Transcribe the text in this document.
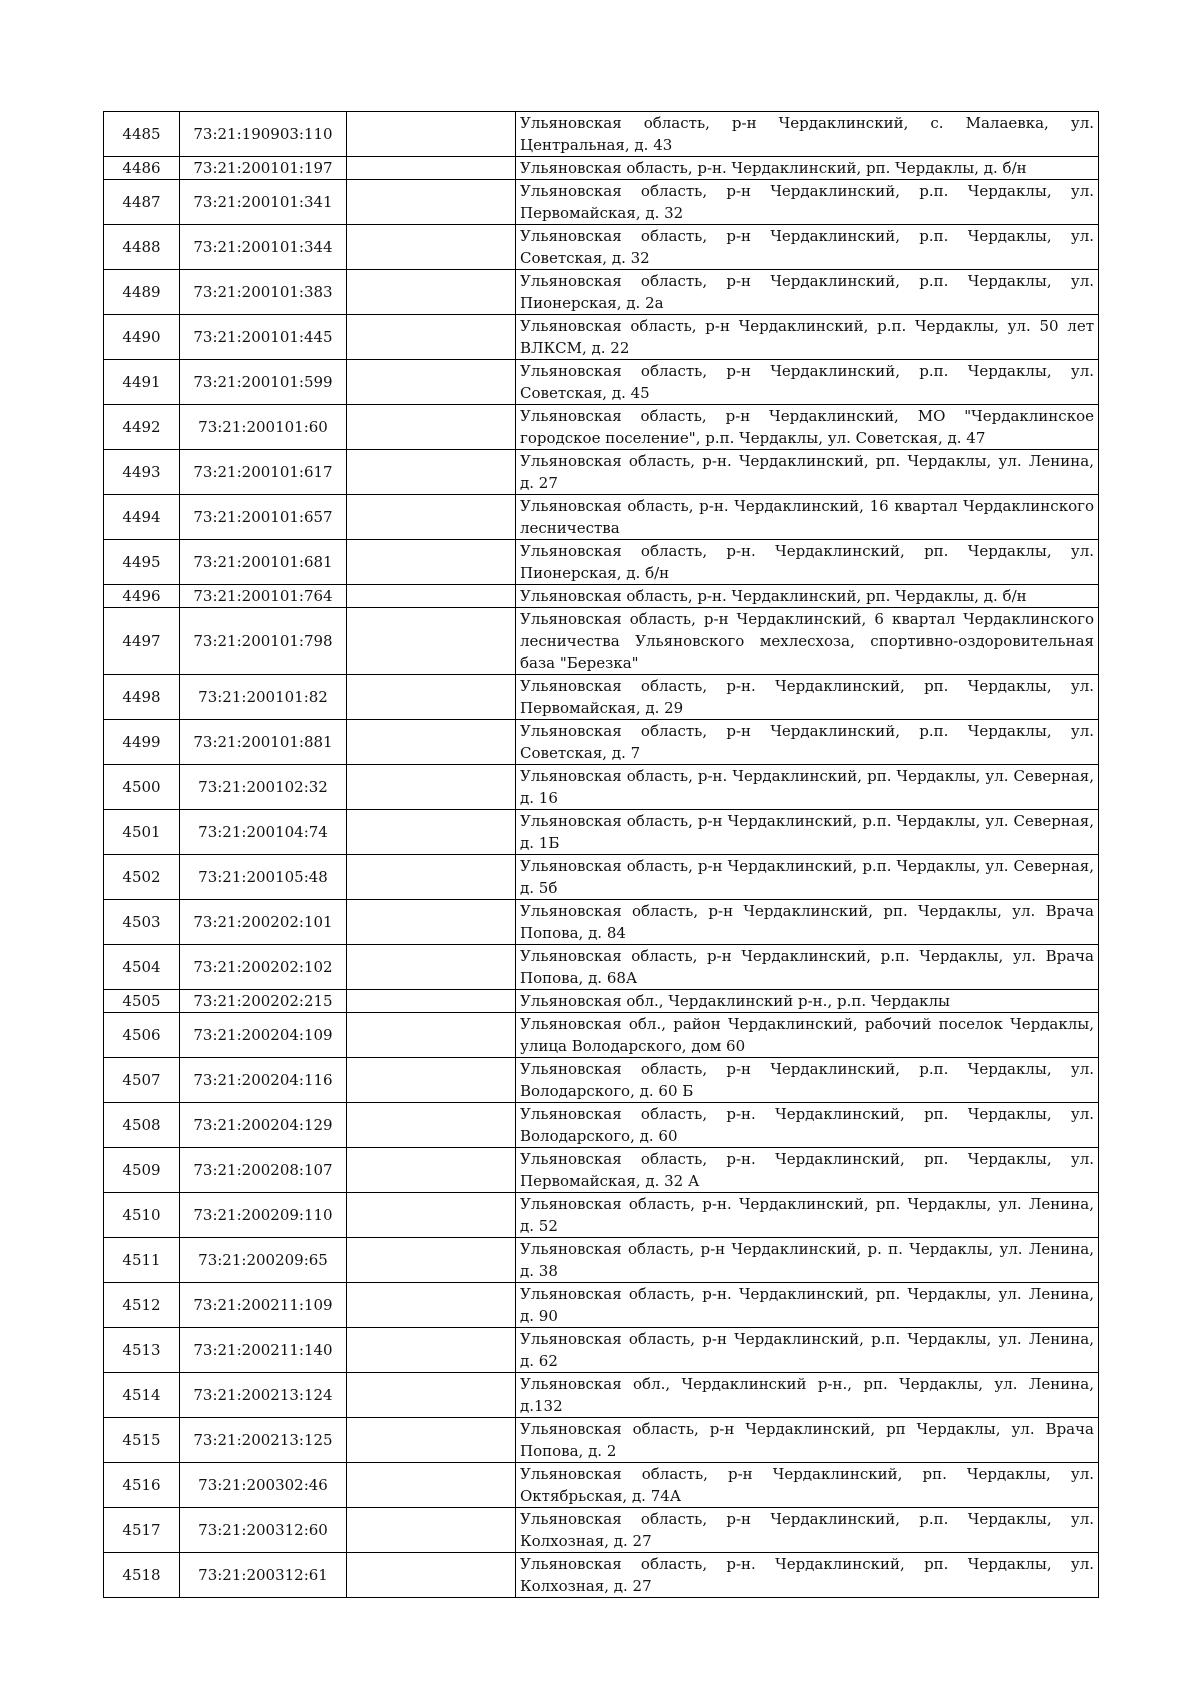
4485	73:21:190903:110		Ульяновская область, р-н Чердаклинский, с. Малаевка, ул. Центральная, д. 43
4486	73:21:200101:197		Ульяновская область, р-н. Чердаклинский, рп. Чердаклы, д. б/н
4487	73:21:200101:341		Ульяновская область, р-н Чердаклинский, р.п. Чердаклы, ул. Первомайская, д. 32
4488	73:21:200101:344		Ульяновская область, р-н Чердаклинский, р.п. Чердаклы, ул. Советская, д. 32
4489	73:21:200101:383		Ульяновская область, р-н Чердаклинский, р.п. Чердаклы, ул. Пионерская, д. 2а
4490	73:21:200101:445		Ульяновская область, р-н Чердаклинский, р.п. Чердаклы, ул. 50 лет ВЛКСМ, д. 22
4491	73:21:200101:599		Ульяновская область, р-н Чердаклинский, р.п. Чердаклы, ул. Советская, д. 45
4492	73:21:200101:60		Ульяновская область, р-н Чердаклинский, МО "Чердаклинское городское поселение", р.п. Чердаклы, ул. Советская, д. 47
4493	73:21:200101:617		Ульяновская область, р-н. Чердаклинский, рп. Чердаклы, ул. Ленина, д. 27
4494	73:21:200101:657		Ульяновская область, р-н. Чердаклинский, 16 квартал Чердаклинского лесничества
4495	73:21:200101:681		Ульяновская область, р-н. Чердаклинский, рп. Чердаклы, ул. Пионерская, д. б/н
4496	73:21:200101:764		Ульяновская область, р-н. Чердаклинский, рп. Чердаклы, д. б/н
4497	73:21:200101:798		Ульяновская область, р-н Чердаклинский, 6 квартал Чердаклинского лесничества Ульяновского мехлесхоза, спортивно-оздоровительная база "Березка"
4498	73:21:200101:82		Ульяновская область, р-н. Чердаклинский, рп. Чердаклы, ул. Первомайская, д. 29
4499	73:21:200101:881		Ульяновская область, р-н Чердаклинский, р.п. Чердаклы, ул. Советская, д. 7
4500	73:21:200102:32		Ульяновская область, р-н. Чердаклинский, рп. Чердаклы, ул. Северная, д. 16
4501	73:21:200104:74		Ульяновская область, р-н Чердаклинский, р.п. Чердаклы, ул. Северная, д. 1Б
4502	73:21:200105:48		Ульяновская область, р-н Чердаклинский, р.п. Чердаклы, ул. Северная, д. 5б
4503	73:21:200202:101		Ульяновская область, р-н Чердаклинский, рп. Чердаклы, ул. Врача Попова, д. 84
4504	73:21:200202:102		Ульяновская область, р-н Чердаклинский, р.п. Чердаклы, ул. Врача Попова, д. 68А
4505	73:21:200202:215		Ульяновская обл., Чердаклинский р-н., р.п. Чердаклы
4506	73:21:200204:109		Ульяновская обл., район Чердаклинский, рабочий поселок Чердаклы, улица Володарского, дом 60
4507	73:21:200204:116		Ульяновская область, р-н Чердаклинский, р.п. Чердаклы, ул. Володарского, д. 60 Б
4508	73:21:200204:129		Ульяновская область, р-н. Чердаклинский, рп. Чердаклы, ул. Володарского, д. 60
4509	73:21:200208:107		Ульяновская область, р-н. Чердаклинский, рп. Чердаклы, ул. Первомайская, д. 32 А
4510	73:21:200209:110		Ульяновская область, р-н. Чердаклинский, рп. Чердаклы, ул. Ленина, д. 52
4511	73:21:200209:65		Ульяновская область, р-н Чердаклинский, р. п. Чердаклы, ул. Ленина, д. 38
4512	73:21:200211:109		Ульяновская область, р-н. Чердаклинский, рп. Чердаклы, ул. Ленина, д. 90
4513	73:21:200211:140		Ульяновская область, р-н Чердаклинский, р.п. Чердаклы, ул. Ленина, д. 62
4514	73:21:200213:124		Ульяновская обл., Чердаклинский р-н., рп. Чердаклы, ул. Ленина, д.132
4515	73:21:200213:125		Ульяновская область, р-н Чердаклинский, рп Чердаклы, ул. Врача Попова, д. 2
4516	73:21:200302:46		Ульяновская область, р-н Чердаклинский, рп. Чердаклы, ул. Октябрьская, д. 74А
4517	73:21:200312:60		Ульяновская область, р-н Чердаклинский, р.п. Чердаклы, ул. Колхозная, д. 27
4518	73:21:200312:61		Ульяновская область, р-н. Чердаклинский, рп. Чердаклы, ул. Колхозная, д. 27
